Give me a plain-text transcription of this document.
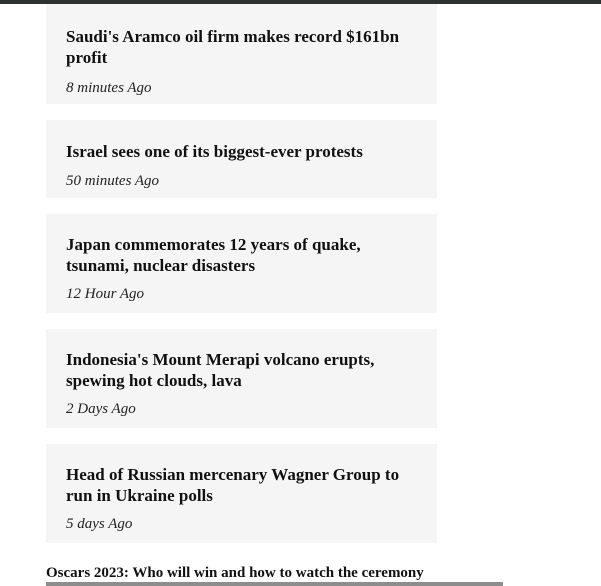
Saudi's Aramco oil firm makes record $161bn profit

8 minutes Ago

Israel sees one of its biggest-ever protests

50 minutes Ago

Japan commemorates 12 years of quake, tsunami, nuclear disasters

12 Hour Ago

Indonesia's Mount Merapi volcano erupts, spewing hot clouds, lava

2 Days Ago

Head of Russian mercenary Wagner Group to run in Ukraine polls

5 days Ago

Oscars 2023: Who will win and how to watch the ceremony
